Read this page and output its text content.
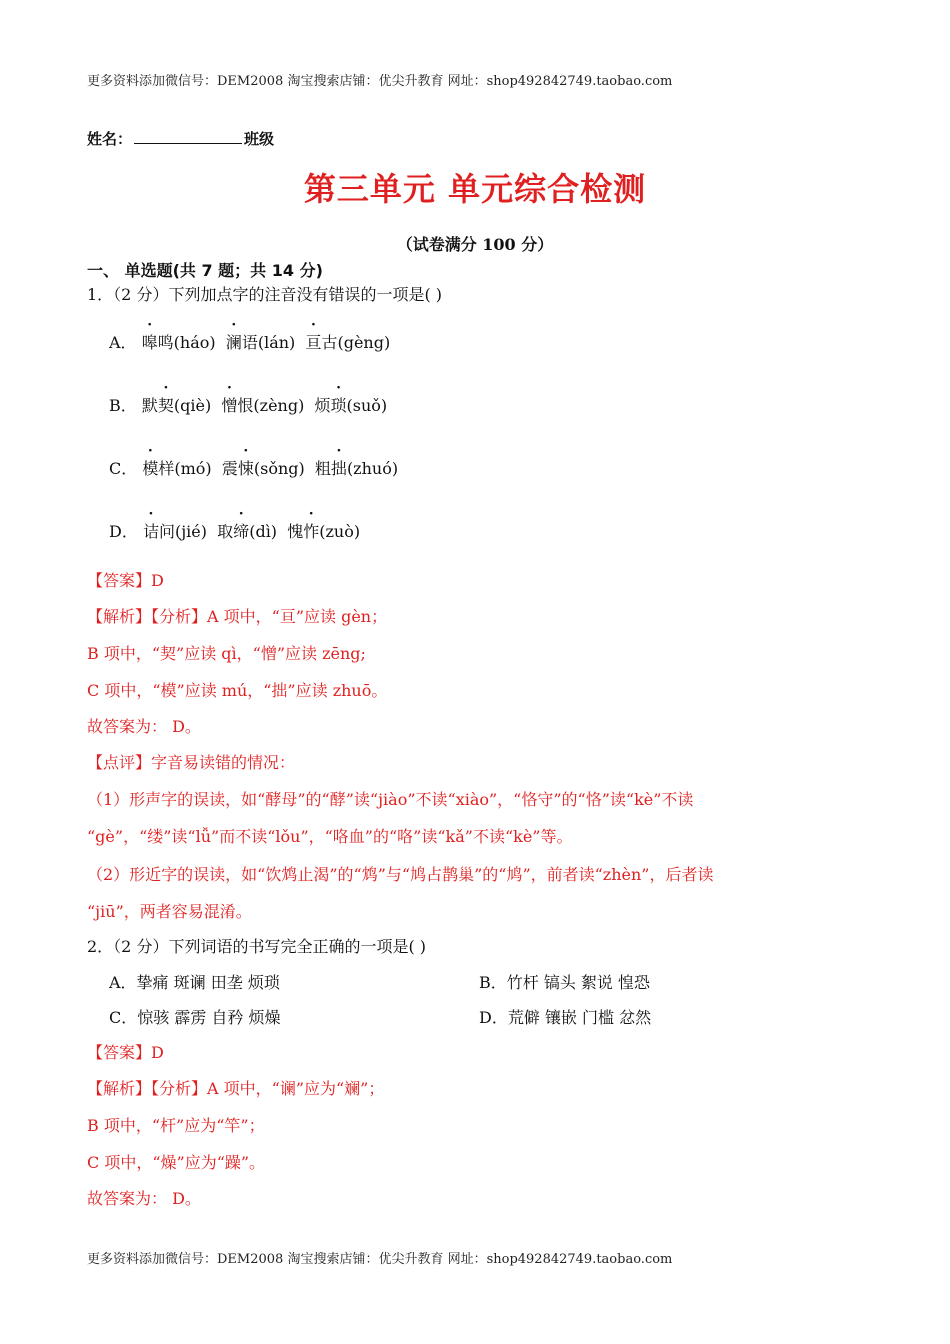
更多资料添加微信号：DEM2008 淘宝搜索店铺：优尖升教育 网址：shop492842749.taobao.com
姓名：	班级
第三单元 单元综合检测
（试卷满分 100 分）
一、 单选题(共 7 题；共 14 分)
1．（2 分）下列加点字的注音没有错误的一项是( )
A． 嗥鸣(háo) 澜语(lán) 亘古(gèng)
B． 默契(qiè) 憎恨(zèng) 烦琐(suǒ)
C． 模样(mó) 震悚(sǒng) 粗拙(zhuó)
D． 诘问(jié) 取缔(dì) 愧怍(zuò)
【答案】D
【解析】【分析】A 项中，“亘”应读 gèn；
B 项中，“契”应读 qì，“憎”应读 zēng;
C 项中，“模”应读 mú，“拙”应读 zhuō。
故答案为： D。
【点评】字音易读错的情况：
（1）形声字的误读，如“酵母”的“酵”读“jiào”不读“xiào”，“恪守”的“恪”读“kè”不读
“gè”，“缕”读“lǚ”而不读“lǒu”，“咯血”的“咯”读“kǎ”不读“kè”等。
（2）形近字的误读，如“饮鸩止渴”的“鸩”与“鸠占鹊巢”的“鸠”，前者读“zhèn”，后者读
“jiū”，两者容易混淆。
2．（2 分）下列词语的书写完全正确的一项是( )
A．挚痛 斑谰 田垄 烦琐	B．竹杆 镐头 絮说 惶恐
C．惊骇 霹雳 自矜 烦燥	D．荒僻 镶嵌 门槛 忿然
【答案】D
【解析】【分析】A 项中，“谰”应为“斓”；
B 项中，“杆”应为“竿”；
C 项中，“燥”应为“躁”。
故答案为： D。
更多资料添加微信号：DEM2008 淘宝搜索店铺：优尖升教育 网址：shop492842749.taobao.com
